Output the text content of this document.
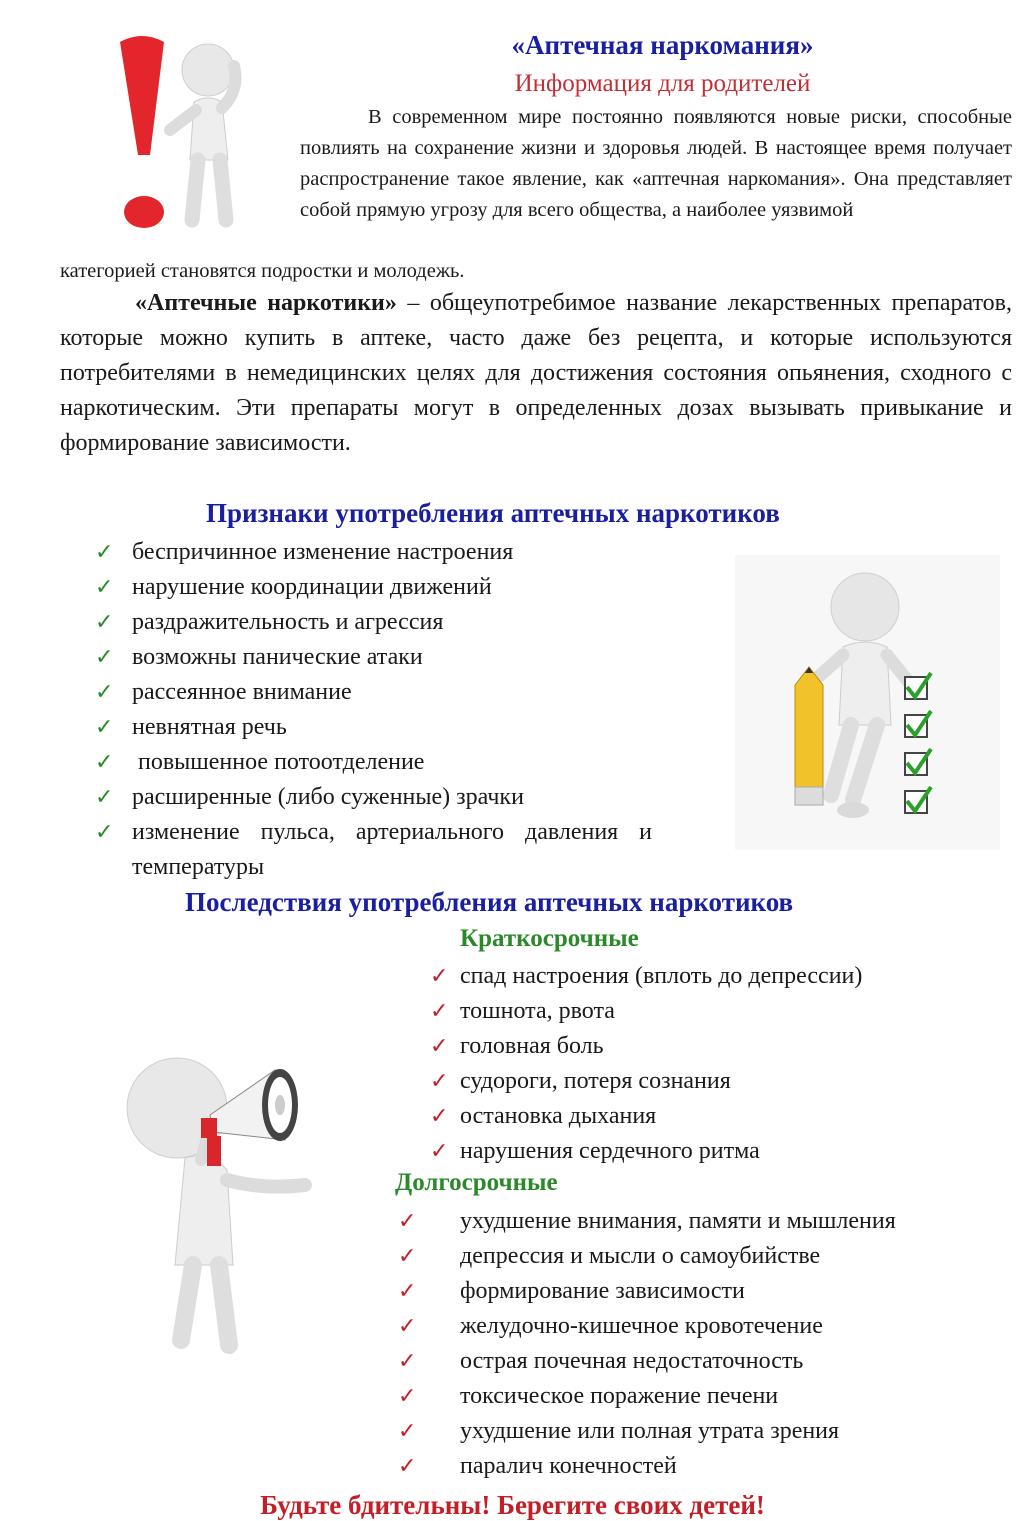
«Аптечная наркомания»
Информация для родителей
В современном мире постоянно появляются новые риски, способные повлиять на сохранение жизни и здоровья людей. В настоящее время получает распространение такое явление, как «аптечная наркомания». Она представляет собой прямую угрозу для всего общества, а наиболее уязвимой
категорией становятся подростки и молодежь.
«Аптечные наркотики» – общеупотребимое название лекарственных препаратов, которые можно купить в аптеке, часто даже без рецепта, и которые используются потребителями в немедицинских целях для достижения состояния опьянения, сходного с наркотическим. Эти препараты могут в определенных дозах вызывать привыкание и формирование зависимости.
Признаки употребления аптечных наркотиков
✓ беспричинное изменение настроения
✓ нарушение координации движений
✓ раздражительность и агрессия
✓ возможны панические атаки
✓ рассеянное внимание
✓ невнятная речь
✓ повышенное потоотделение
✓ расширенные (либо суженные) зрачки
✓ изменение пульса, артериального давления и температуры
Последствия употребления аптечных наркотиков
Краткосрочные
✓ спад настроения (вплоть до депрессии)
✓ тошнота, рвота
✓ головная боль
✓ судороги, потеря сознания
✓ остановка дыхания
✓ нарушения сердечного ритма
Долгосрочные
✓ ухудшение внимания, памяти и мышления
✓ депрессия и мысли о самоубийстве
✓ формирование зависимости
✓ желудочно-кишечное кровотечение
✓ острая почечная недостаточность
✓ токсическое поражение печени
✓ ухудшение или полная утрата зрения
✓ паралич конечностей
Будьте бдительны! Берегите своих детей!
